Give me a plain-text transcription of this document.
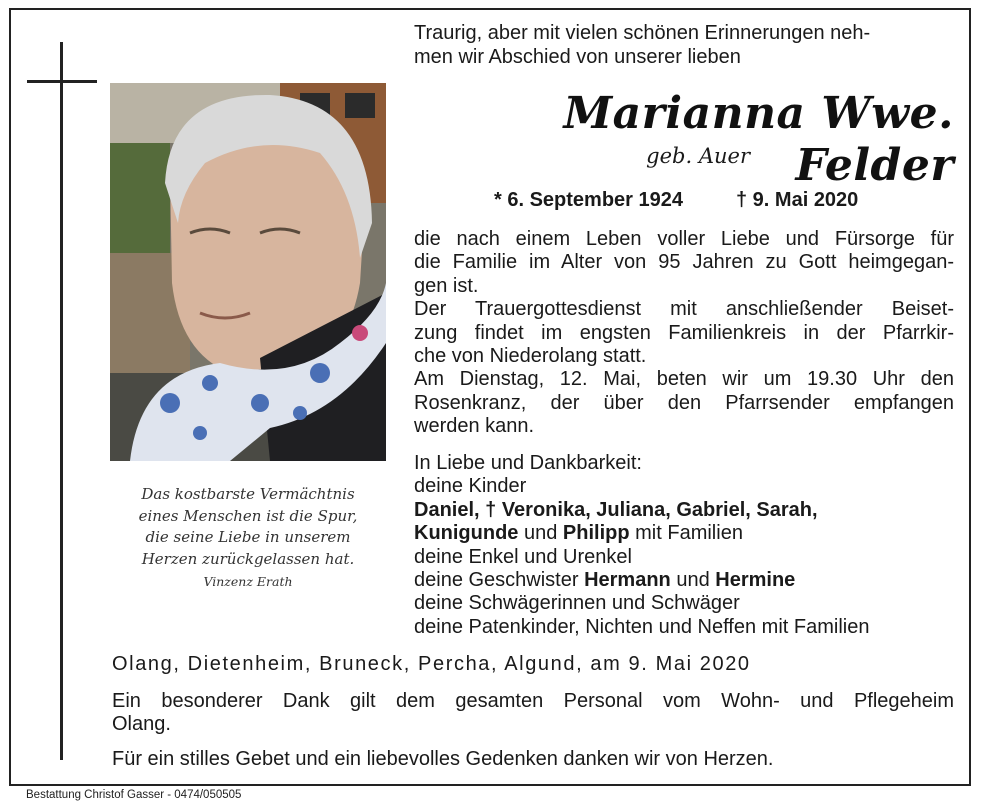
Das kostbarste Vermächtnis
eines Menschen ist die Spur,
die seine Liebe in unserem
Herzen zurückgelassen hat.
Vinzenz Erath
Traurig, aber mit vielen schönen Erinnerungen neh-
men wir Abschied von unserer lieben
Marianna Wwe. Felder
geb. Auer
* 6. September 1924	† 9. Mai 2020
die nach einem Leben voller Liebe und Fürsorge für
die Familie im Alter von 95 Jahren zu Gott heimgegan-
gen ist.
Der Trauergottesdienst mit anschließender Beiset-
zung findet im engsten Familienkreis in der Pfarrkir-
che von Niederolang statt.
Am Dienstag, 12. Mai, beten wir um 19.30 Uhr den
Rosenkranz, der über den Pfarrsender empfangen
werden kann.
In Liebe und Dankbarkeit:
deine Kinder
Daniel, † Veronika, Juliana, Gabriel, Sarah,
Kunigunde und Philipp mit Familien
deine Enkel und Urenkel
deine Geschwister Hermann und Hermine
deine Schwägerinnen und Schwäger
deine Patenkinder, Nichten und Neffen mit Familien
Olang, Dietenheim, Bruneck, Percha, Algund, am 9. Mai 2020
Ein besonderer Dank gilt dem gesamten Personal vom Wohn- und Pflegeheim
Olang.
Für ein stilles Gebet und ein liebevolles Gedenken danken wir von Herzen.
Bestattung Christof Gasser - 0474/050505
